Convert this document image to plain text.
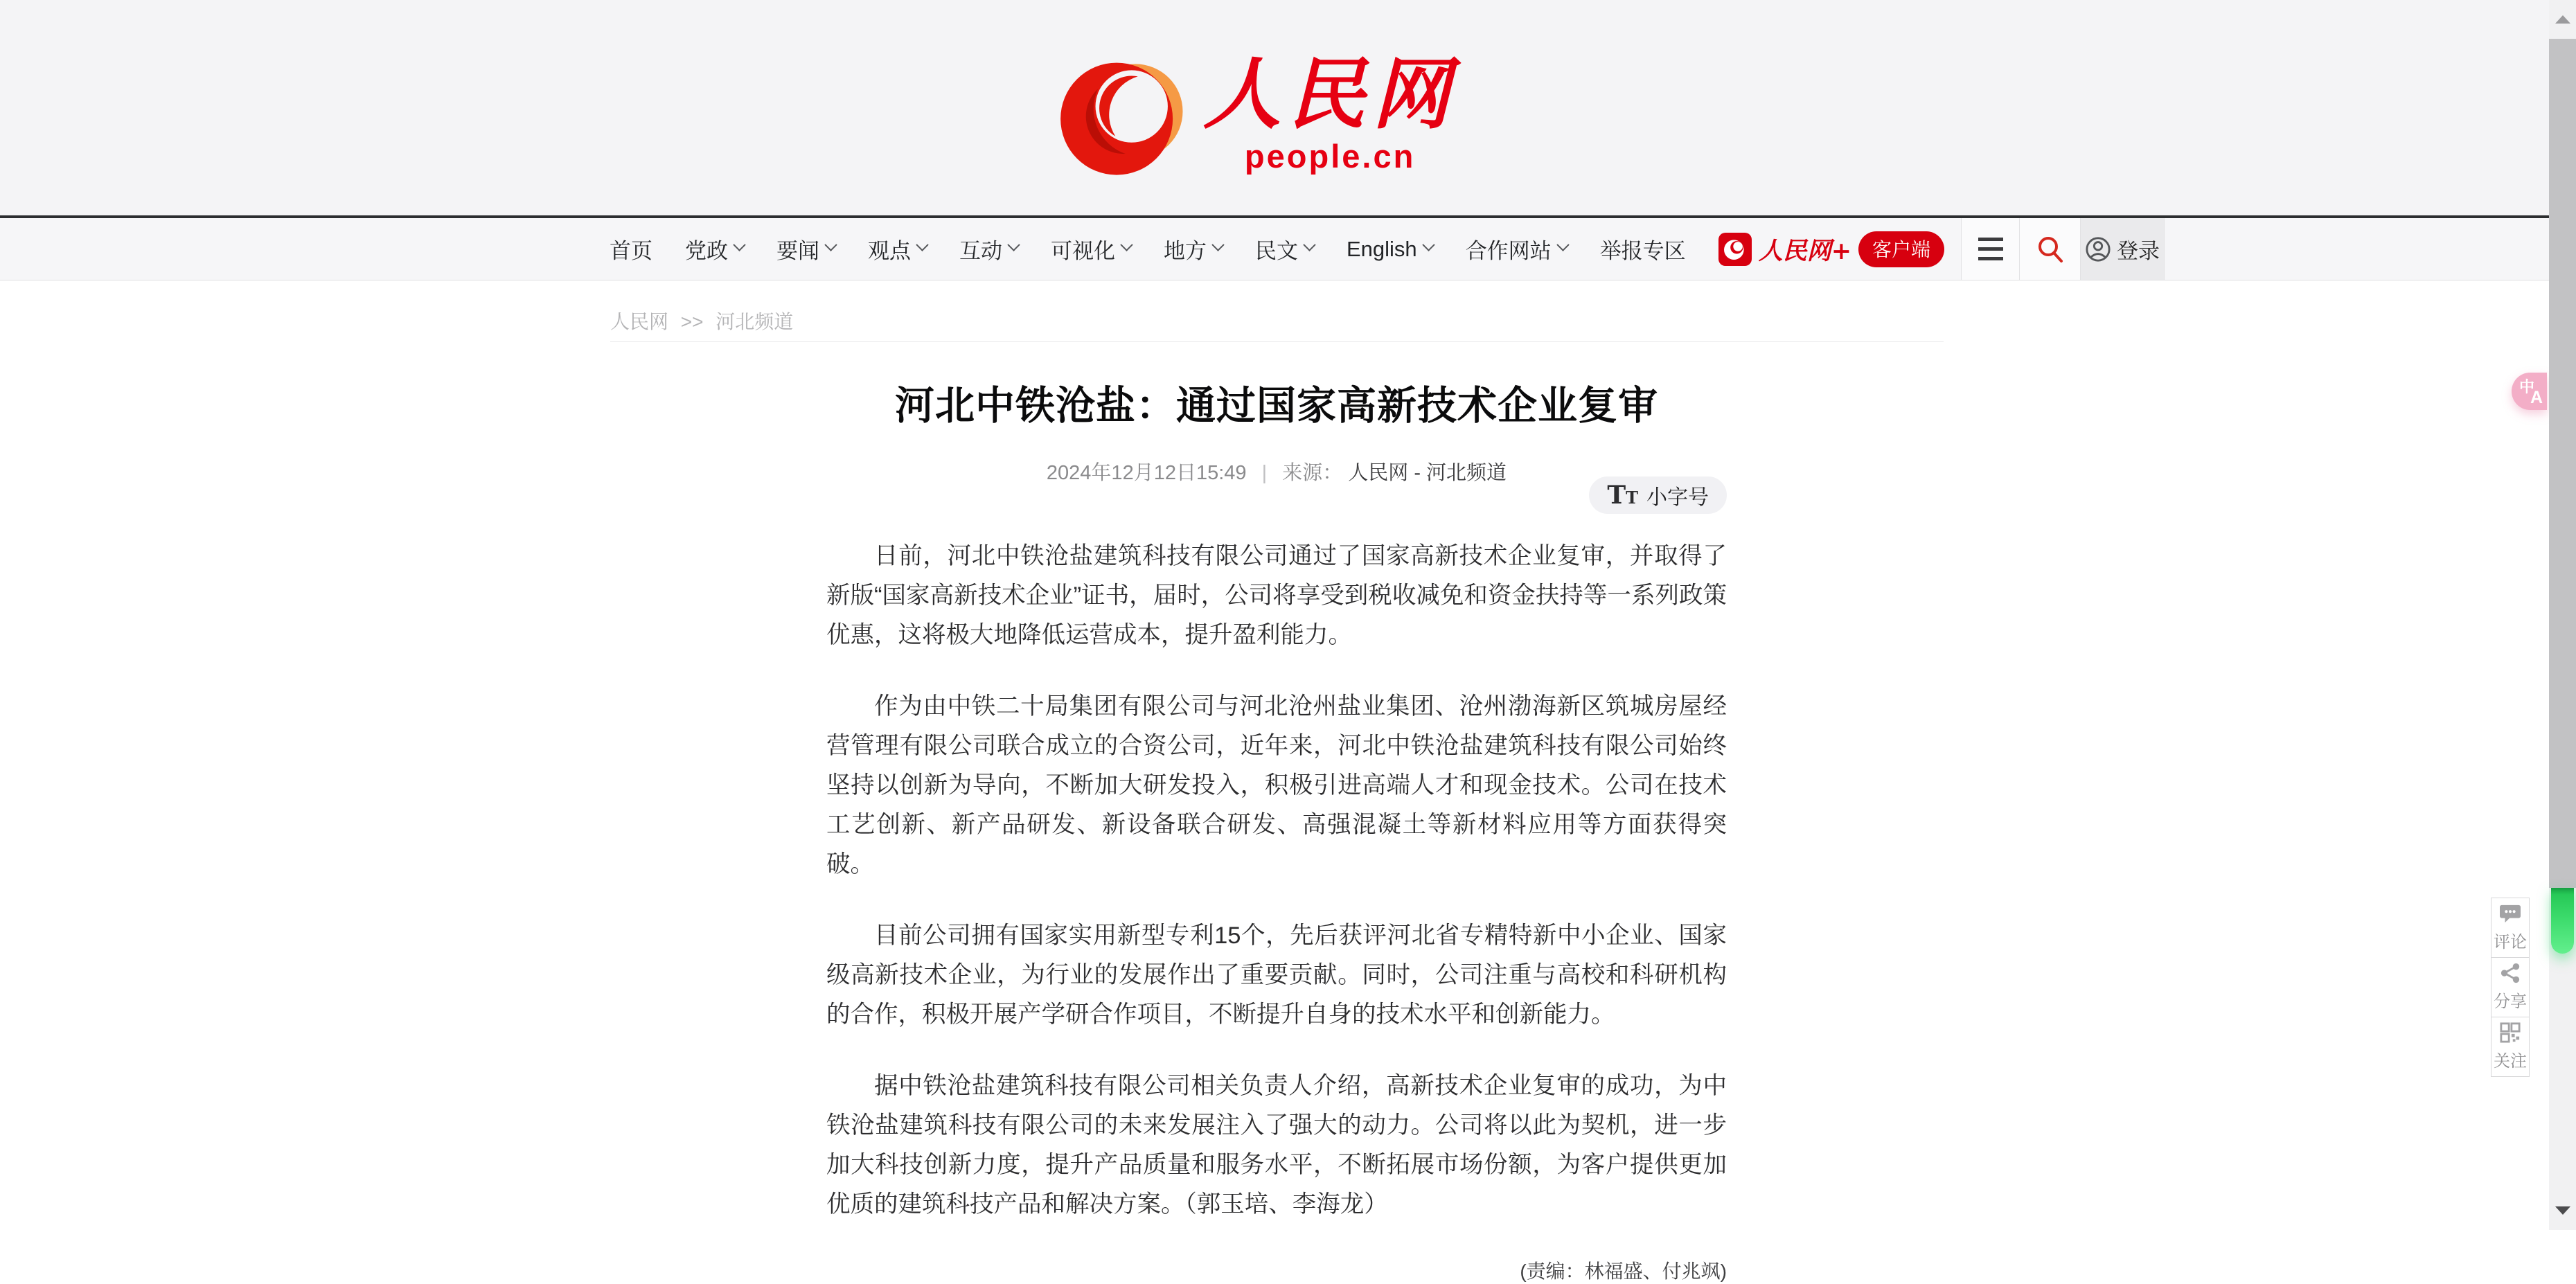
人民网
people.cn
首页 党政 要闻 观点 互动 可视化 地方 民文 English 合作网站 举报专区	人民网+	客户端	登录
人民网 >> 河北频道
河北中铁沧盐：通过国家高新技术企业复审
2024年12月12日15:49 | 来源： 人民网 - 河北频道
TT 小字号

日前，河北中铁沧盐建筑科技有限公司通过了国家高新技术企业复审，并取得了新版“国家高新技术企业”证书，届时，公司将享受到税收减免和资金扶持等一系列政策优惠，这将极大地降低运营成本，提升盈利能力。

作为由中铁二十局集团有限公司与河北沧州盐业集团、沧州渤海新区筑城房屋经营管理有限公司联合成立的合资公司，近年来，河北中铁沧盐建筑科技有限公司始终坚持以创新为导向，不断加大研发投入，积极引进高端人才和现金技术。公司在技术工艺创新、新产品研发、新设备联合研发、高强混凝土等新材料应用等方面获得突破。

目前公司拥有国家实用新型专利15个，先后获评河北省专精特新中小企业、国家级高新技术企业，为行业的发展作出了重要贡献。同时，公司注重与高校和科研机构的合作，积极开展产学研合作项目，不断提升自身的技术水平和创新能力。

据中铁沧盐建筑科技有限公司相关负责人介绍，高新技术企业复审的成功，为中铁沧盐建筑科技有限公司的未来发展注入了强大的动力。公司将以此为契机，进一步加大科技创新力度，提升产品质量和服务水平，不断拓展市场份额，为客户提供更加优质的建筑科技产品和解决方案。（郭玉培、李海龙）

(责编：林福盛、付兆飒)
中
A
评论
分享
关注
